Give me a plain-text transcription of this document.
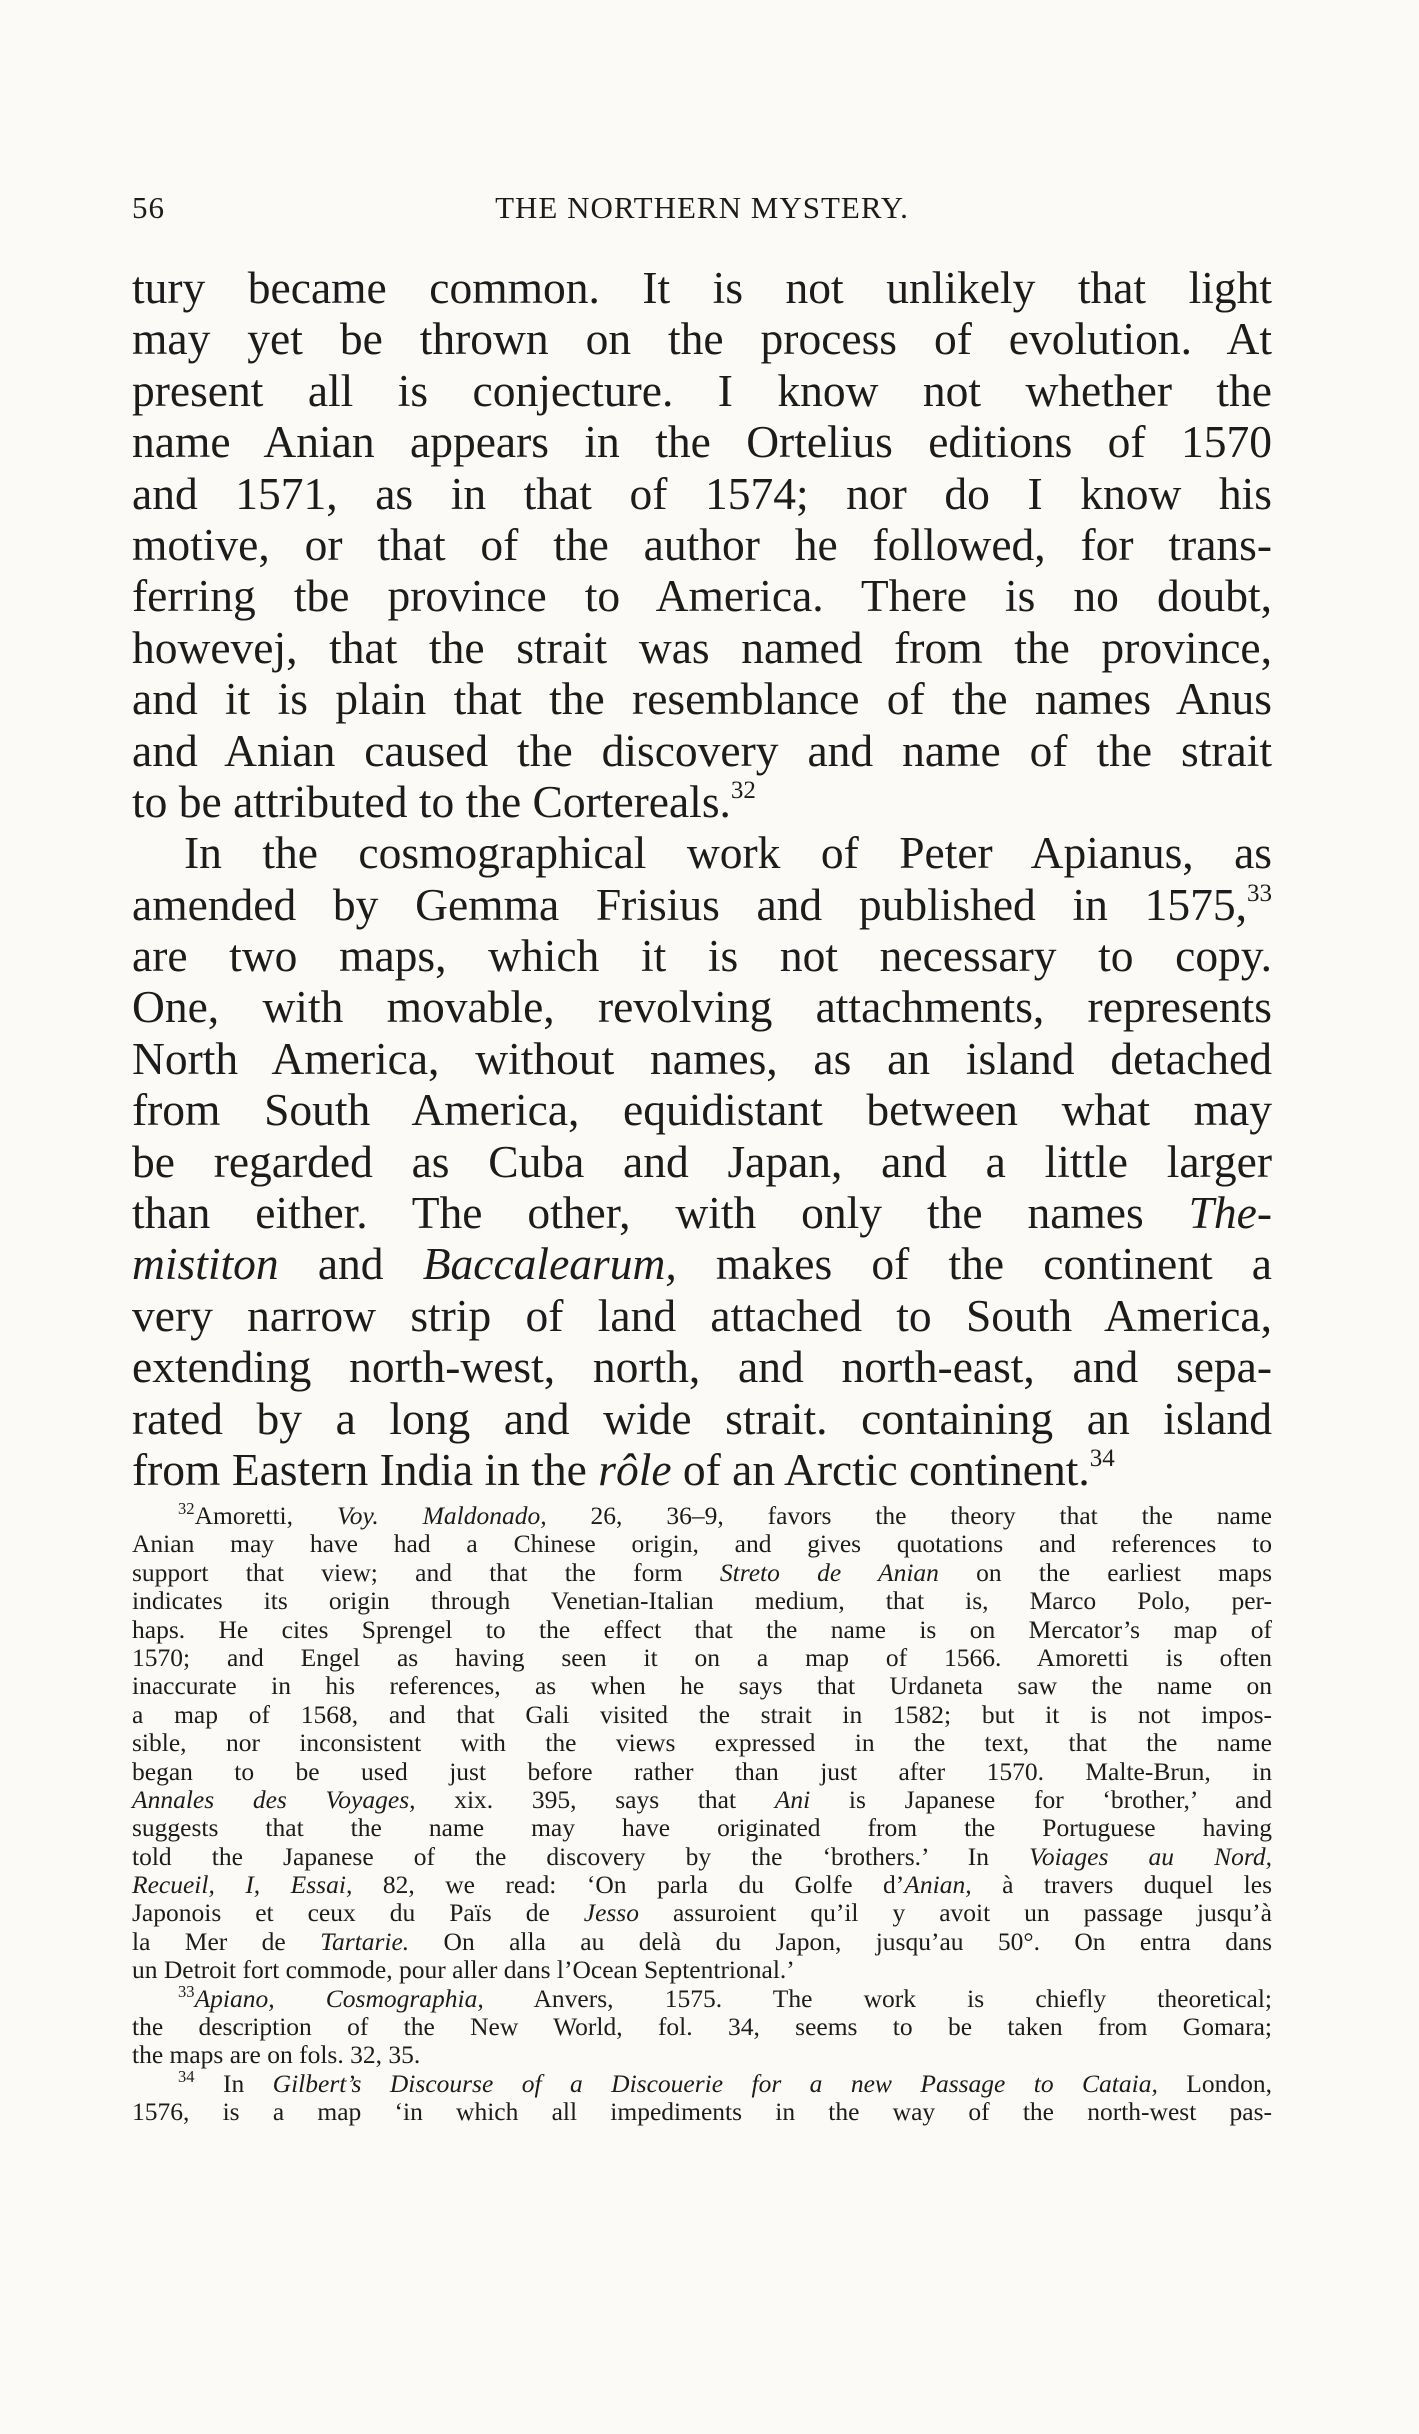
56	THE NORTHERN MYSTERY.
tury became common. It is not unlikely that light
may yet be thrown on the process of evolution. At
present all is conjecture. I know not whether the
name Anian appears in the Ortelius editions of 1570
and 1571, as in that of 1574; nor do I know his
motive, or that of the author he followed, for trans-
ferring tbe province to America. There is no doubt,
howeveј, that the strait was named from the province,
and it is plain that the resemblance of the names Anus
and Anian caused the discovery and name of the strait
to be attributed to the Cortereals.$^{32}$
In the cosmographical work of Peter Apianus, as
amended by Gemma Frisius and published in 1575,33
are two maps, which it is not necessary to copy.
One, with movable, revolving attachments, represents
North America, without names, as an island detached
from South America, equidistant between what may
be regarded as Cuba and Japan, and a little larger
than either. The other, with only the names The-
mistiton and Baccalearum, makes of the continent a
very narrow strip of land attached to South America,
extending north-west, north, and north-east, and sepa-
rated by a long and wide strait. containing an island
from Eastern India in the rôle of an Arctic continent.$^{34}$
$^{32}$Amoretti, Voy. Maldonado, 26, 36–9, favors the theory that the name
Anian may have had a Chinese origin, and gives quotations and references to
support that view; and that the form Streto de Anian on the earliest maps
indicates its origin through Venetian-Italian medium, that is, Marco Polo, per-
haps. He cites Sprengel to the effect that the name is on Mercator’s map of
1570; and Engel as having seen it on a map of 1566. Amoretti is often
inaccurate in his references, as when he says that Urdaneta saw the name on
a map of 1568, and that Gali visited the strait in 1582; but it is not impos-
sible, nor inconsistent with the views expressed in the text, that the name
began to be used just before rather than just after 1570. Malte-Brun, in
Annales des Voyages, xix. 395, says that Ani is Japanese for ‘brother,’ and
suggests that the name may have originated from the Portuguese having
told the Japanese of the discovery by the ‘brothers.’ In Voiages au Nord,
Recueil, I, Essai, 82, we read: ‘On parla du Golfe d’Anian, à travers duquel les
Japonois et ceux du Païs de Jesso assuroient qu’il y avoit un passage jusqu’à
la Mer de Tartarie. On alla au delà du Japon, jusqu’au 50°. On entra dans
un Detroit fort commode, pour aller dans l’Ocean Septentrional.’
$^{33}$Apiano, Cosmographia, Anvers, 1575. The work is chiefly theoretical;
the description of the New World, fol. 34, seems to be taken from Gomara;
the maps are on fols. 32, 35.
$^{34}$ In Gilbert’s Discourse of a Discouerie for a new Passage to Cataia, London,
1576, is a map ‘in which all impediments in the way of the north-west pas-
